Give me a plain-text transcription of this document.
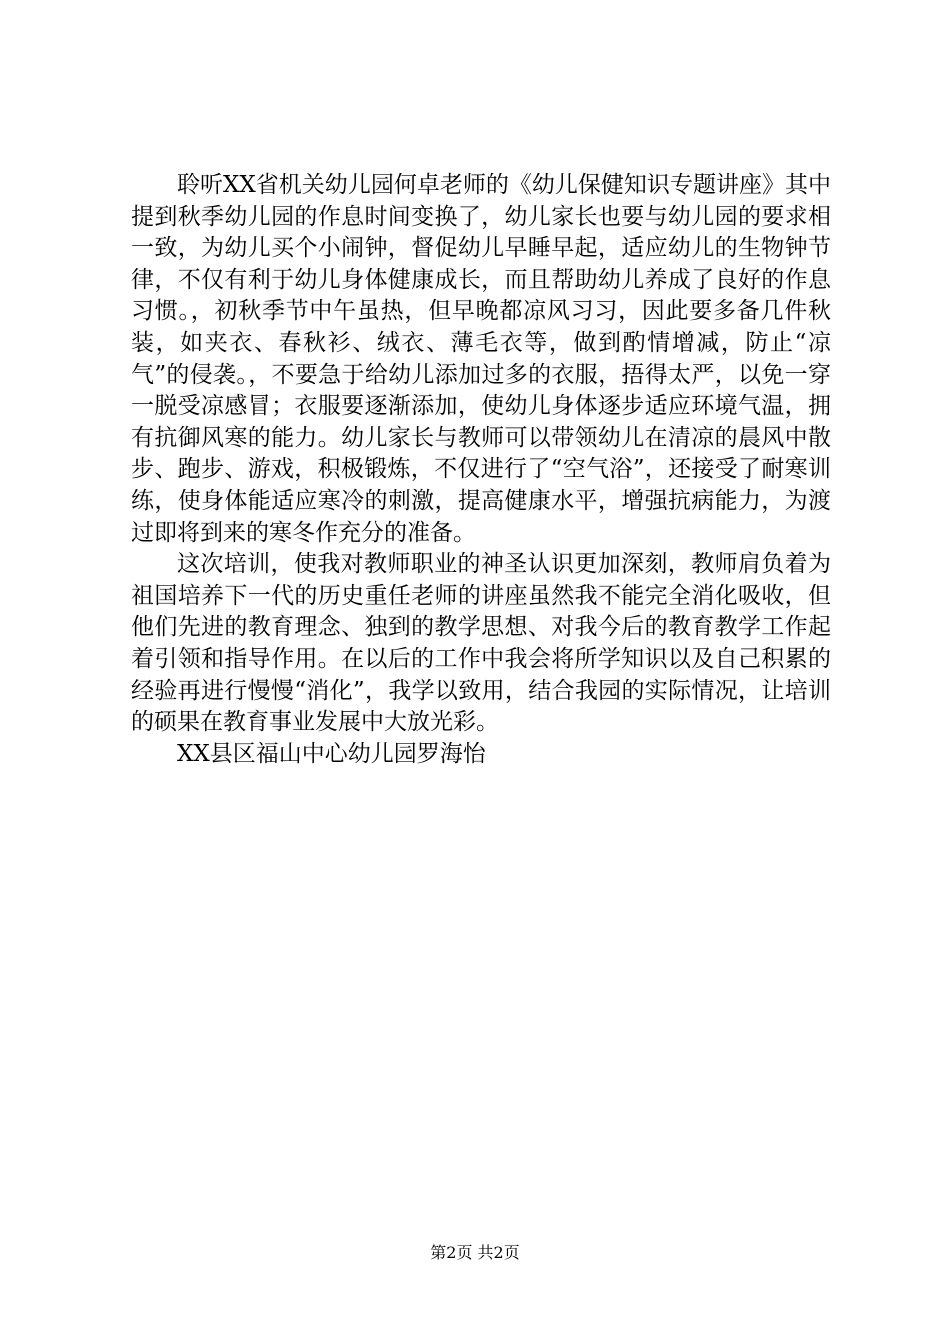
聆听XX省机关幼儿园何卓老师的《幼儿保健知识专题讲座》其中提到秋季幼儿园的作息时间变换了，幼儿家长也要与幼儿园的要求相一致，为幼儿买个小闹钟，督促幼儿早睡早起，适应幼儿的生物钟节律，不仅有利于幼儿身体健康成长，而且帮助幼儿养成了良好的作息习惯。，初秋季节中午虽热，但早晚都凉风习习，因此要多备几件秋装，如夹衣、春秋衫、绒衣、薄毛衣等，做到酌情增减，防止“凉气”的侵袭。，不要急于给幼儿添加过多的衣服，捂得太严，以免一穿一脱受凉感冒；衣服要逐渐添加，使幼儿身体逐步适应环境气温，拥有抗御风寒的能力。幼儿家长与教师可以带领幼儿在清凉的晨风中散步、跑步、游戏，积极锻炼，不仅进行了“空气浴”，还接受了耐寒训练，使身体能适应寒冷的刺激，提高健康水平，增强抗病能力，为渡过即将到来的寒冬作充分的准备。

这次培训，使我对教师职业的神圣认识更加深刻，教师肩负着为祖国培养下一代的历史重任老师的讲座虽然我不能完全消化吸收，但他们先进的教育理念、独到的教学思想、对我今后的教育教学工作起着引领和指导作用。在以后的工作中我会将所学知识以及自己积累的经验再进行慢慢“消化”，我学以致用，结合我园的实际情况，让培训的硕果在教育事业发展中大放光彩。

XX县区福山中心幼儿园罗海怡

第2页 共2页
